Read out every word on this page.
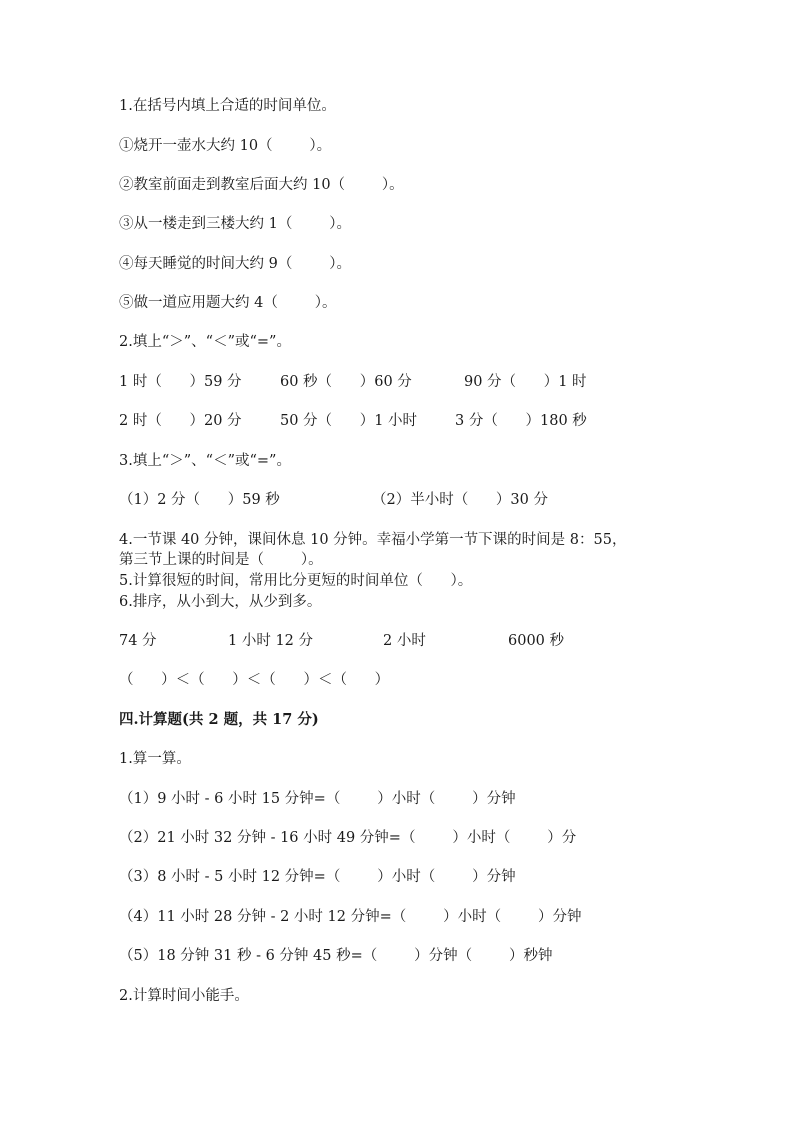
1.在括号内填上合适的时间单位。
①烧开一壶水大约 10（        ）。
②教室前面走到教室后面大约 10（        ）。
③从一楼走到三楼大约 1（        ）。
④每天睡觉的时间大约 9（        ）。
⑤做一道应用题大约 4（        ）。
2.填上“＞”、“＜”或“=”。
1 时（      ）59 分	60 秒（      ）60 分	90 分（      ）1 时
2 时（      ）20 分	50 分（      ）1 小时	3 分（      ）180 秒
3.填上“＞”、“＜”或“=”。
（1）2 分（      ）59 秒	（2）半小时（      ）30 分
4.一节课 40 分钟，课间休息 10 分钟。幸福小学第一节下课的时间是 8：55，
第三节上课的时间是（        ）。
5.计算很短的时间，常用比分更短的时间单位（      ）。
6.排序，从小到大，从少到多。
74 分	1 小时 12 分	2 小时	6000 秒
（      ）＜（      ）＜（      ）＜（      ）
四.计算题(共 2 题，共 17 分)
1.算一算。
（1）9 小时 - 6 小时 15 分钟=（        ）小时（        ）分钟
（2）21 小时 32 分钟 - 16 小时 49 分钟=（        ）小时（        ）分
（3）8 小时 - 5 小时 12 分钟=（        ）小时（        ）分钟
（4）11 小时 28 分钟 - 2 小时 12 分钟=（        ）小时（        ）分钟
（5）18 分钟 31 秒 - 6 分钟 45 秒=（        ）分钟（        ）秒钟
2.计算时间小能手。
